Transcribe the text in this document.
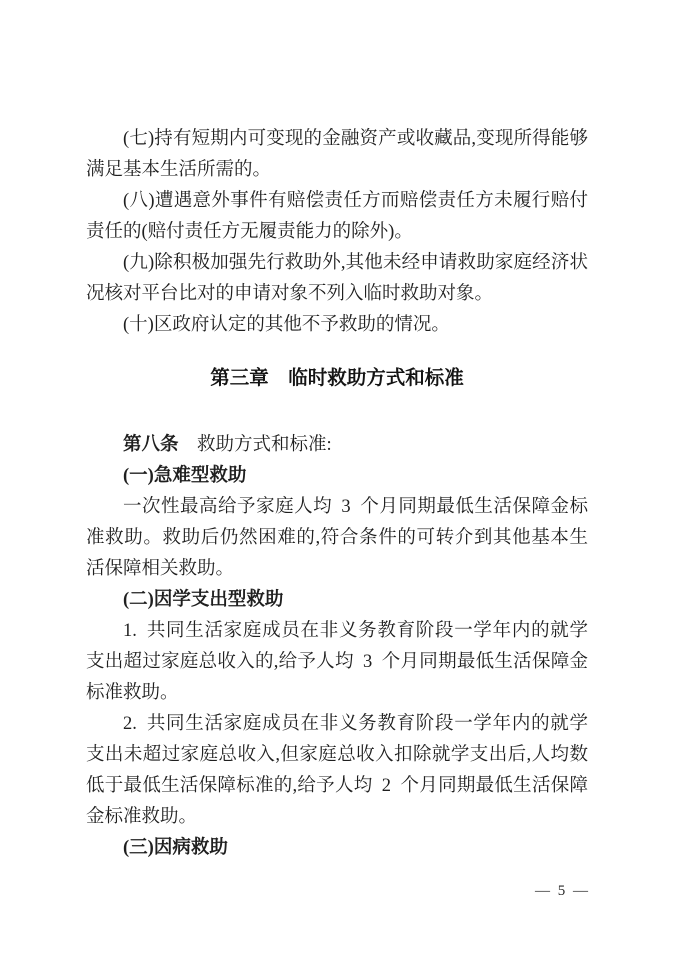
(七)持有短期内可变现的金融资产或收藏品,变现所得能够满足基本生活所需的。

(八)遭遇意外事件有赔偿责任方而赔偿责任方未履行赔付责任的(赔付责任方无履责能力的除外)。

(九)除积极加强先行救助外,其他未经申请救助家庭经济状况核对平台比对的申请对象不列入临时救助对象。

(十)区政府认定的其他不予救助的情况。

第三章　临时救助方式和标准

第八条　救助方式和标准:

(一)急难型救助

一次性最高给予家庭人均 3 个月同期最低生活保障金标准救助。救助后仍然困难的,符合条件的可转介到其他基本生活保障相关救助。

(二)因学支出型救助

1. 共同生活家庭成员在非义务教育阶段一学年内的就学支出超过家庭总收入的,给予人均 3 个月同期最低生活保障金标准救助。

2. 共同生活家庭成员在非义务教育阶段一学年内的就学支出未超过家庭总收入,但家庭总收入扣除就学支出后,人均数低于最低生活保障标准的,给予人均 2 个月同期最低生活保障金标准救助。

(三)因病救助

— 5 —
